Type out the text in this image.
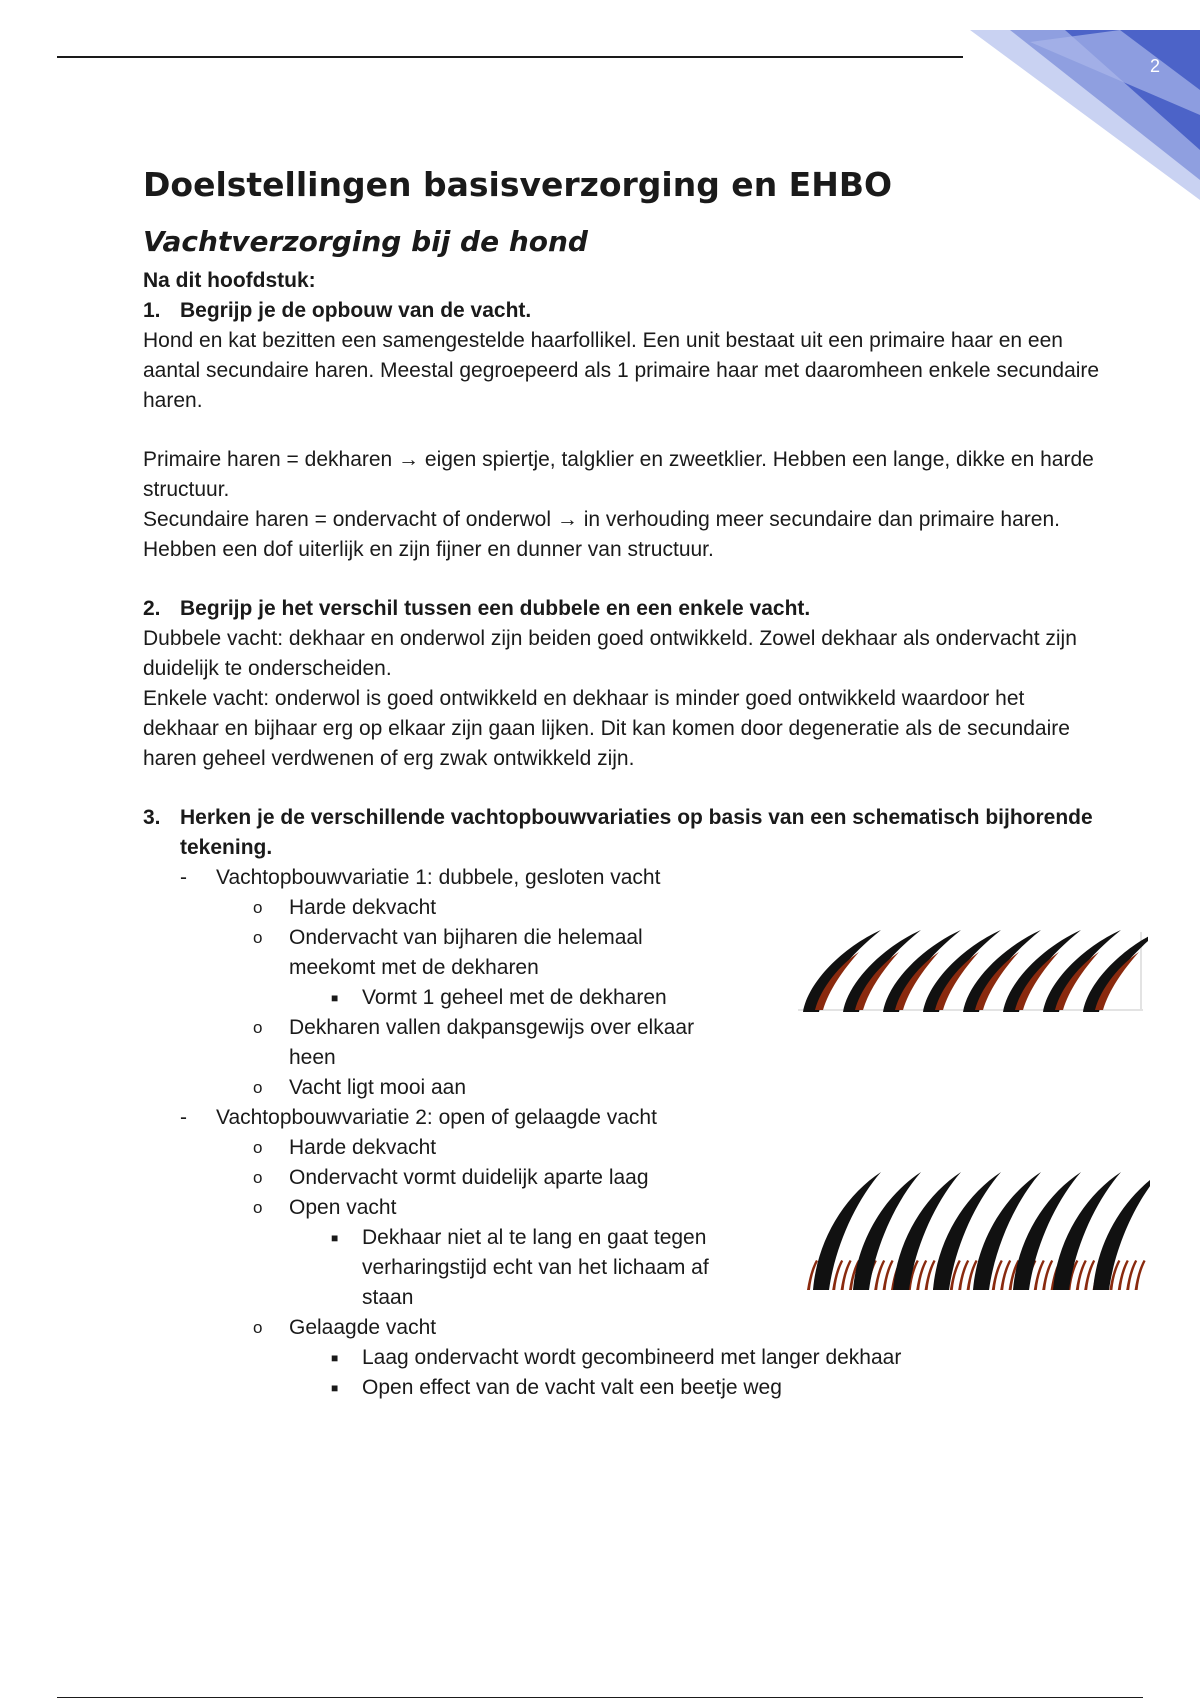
2
Doelstellingen basisverzorging en EHBO
Vachtverzorging bij de hond

Na dit hoofdstuk:

1. Begrijp je de opbouw van de vacht.

Hond en kat bezitten een samengestelde haarfollikel. Een unit bestaat uit een primaire haar en een aantal secundaire haren. Meestal gegroepeerd als 1 primaire haar met daaromheen enkele secundaire haren.

Primaire haren = dekharen → eigen spiertje, talgklier en zweetklier. Hebben een lange, dikke en harde structuur.

Secundaire haren = ondervacht of onderwol → in verhouding meer secundaire dan primaire haren. Hebben een dof uiterlijk en zijn fijner en dunner van structuur.

2. Begrijp je het verschil tussen een dubbele en een enkele vacht.

Dubbele vacht: dekhaar en onderwol zijn beiden goed ontwikkeld. Zowel dekhaar als ondervacht zijn duidelijk te onderscheiden.

Enkele vacht: onderwol is goed ontwikkeld en dekhaar is minder goed ontwikkeld waardoor het dekhaar en bijhaar erg op elkaar zijn gaan lijken. Dit kan komen door degeneratie als de secundaire haren geheel verdwenen of erg zwak ontwikkeld zijn.

3. Herken je de verschillende vachtopbouwvariaties op basis van een schematisch bijhorende tekening.
- Vachtopbouwvariatie 1: dubbele, gesloten vacht
o Harde dekvacht
o Ondervacht van bijharen die helemaal meekomt met de dekharen
■ Vormt 1 geheel met de dekharen
o Dekharen vallen dakpansgewijs over elkaar heen
o Vacht ligt mooi aan
- Vachtopbouwvariatie 2: open of gelaagde vacht
o Harde dekvacht
o Ondervacht vormt duidelijk aparte laag
o Open vacht
■ Dekhaar niet al te lang en gaat tegen verharingstijd echt van het lichaam af staan
o Gelaagde vacht
■ Laag ondervacht wordt gecombineerd met langer dekhaar
■ Open effect van de vacht valt een beetje weg
